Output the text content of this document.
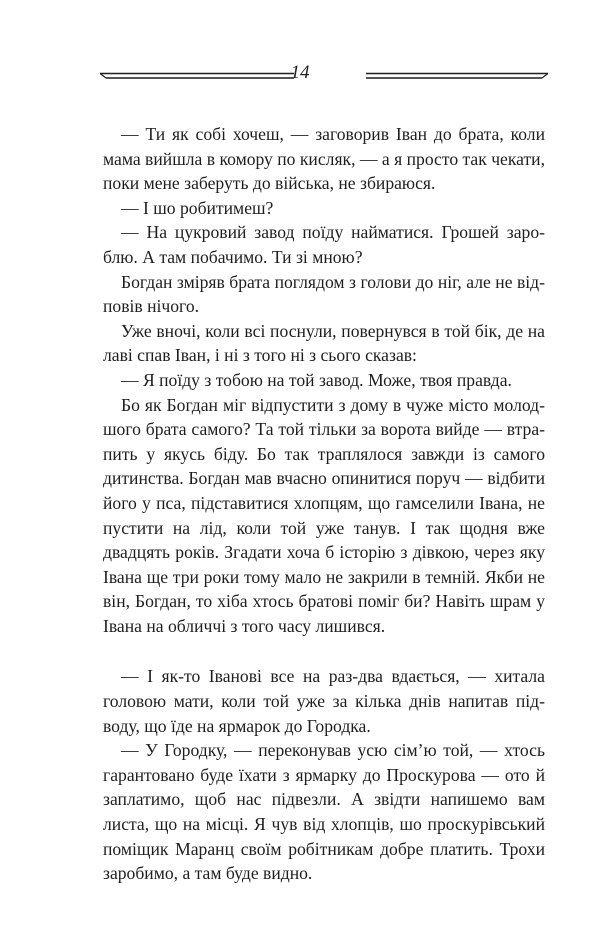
14

— Ти як собі хочеш, — заговорив Іван до брата, коли мама вийшла в комору по кисляк, — а я просто так чекати, поки мене заберуть до війська, не збираюся.

— І шо робитимеш?

— На цукровий завод поїду найматися. Грошей зароблю. А там побачимо. Ти зі мною?

Богдан зміряв брата поглядом з голови до ніг, але не відповів нічого.

Уже вночі, коли всі поснули, повернувся в той бік, де на лаві спав Іван, і ні з того ні з сього сказав:

— Я поїду з тобою на той завод. Може, твоя правда.

Бо як Богдан міг відпустити з дому в чуже місто молодшого брата самого? Та той тільки за ворота вийде — втрапить у якусь біду. Бо так траплялося завжди із самого дитинства. Богдан мав вчасно опинитися поруч — відбити його у пса, підставитися хлопцям, що гамселили Івана, не пустити на лід, коли той уже танув. І так щодня вже двадцять років. Згадати хоча б історію з дівкою, через яку Івана ще три роки тому мало не закрили в темній. Якби не він, Богдан, то хіба хтось братові поміг би? Навіть шрам у Івана на обличчі з того часу лишився.

— І як-то Іванові все на раз-два вдається, — хитала головою мати, коли той уже за кілька днів напитав підводу, що їде на ярмарок до Городка.

— У Городку, — переконував усю сім’ю той, — хтось гарантовано буде їхати з ярмарку до Проскурова — ото й заплатимо, щоб нас підвезли. А звідти напишемо вам листа, що на місці. Я чув від хлопців, шо проскурівський поміщик Маранц своїм робітникам добре платить. Трохи заробимо, а там буде видно.
